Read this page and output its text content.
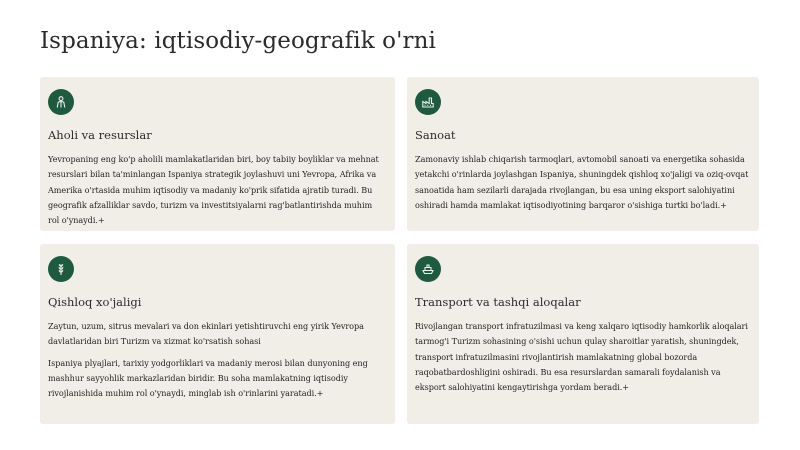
Ispaniya: iqtisodiy-geografik o'rni
Aholi va resurslar

Yevropaning eng ko'p aholili mamlakatlaridan biri, boy tabiiy boyliklar va mehnat resurslari bilan ta'minlangan Ispaniya strategik joylashuvi uni Yevropa, Afrika va Amerika o'rtasida muhim iqtisodiy va madaniy ko'prik sifatida ajratib turadi. Bu geografik afzalliklar savdo, turizm va investitsiyalarni rag'batlantirishda muhim rol o'ynaydi.+

Sanoat

Zamonaviy ishlab chiqarish tarmoqlari, avtomobil sanoati va energetika sohasida yetakchi o'rinlarda joylashgan Ispaniya, shuningdek qishloq xo'jaligi va oziq-ovqat sanoatida ham sezilarli darajada rivojlangan, bu esa uning eksport salohiyatini oshiradi hamda mamlakat iqtisodiyotining barqaror o'sishiga turtki bo'ladi.+

Qishloq xo'jaligi

Zaytun, uzum, sitrus mevalari va don ekinlari yetishtiruvchi eng yirik Yevropa davlatlaridan biri Turizm va xizmat ko'rsatish sohasi

Ispaniya plyajlari, tarixiy yodgorliklari va madaniy merosi bilan dunyoning eng mashhur sayyohlik markazlaridan biridir. Bu soha mamlakatning iqtisodiy rivojlanishida muhim rol o'ynaydi, minglab ish o'rinlarini yaratadi.+

Transport va tashqi aloqalar

Rivojlangan transport infratuzilmasi va keng xalqaro iqtisodiy hamkorlik aloqalari tarmog'i Turizm sohasining o'sishi uchun qulay sharoitlar yaratish, shuningdek, transport infratuzilmasini rivojlantirish mamlakatning global bozorda raqobatbardoshligini oshiradi. Bu esa resurslardan samarali foydalanish va eksport salohiyatini kengaytirishga yordam beradi.+
